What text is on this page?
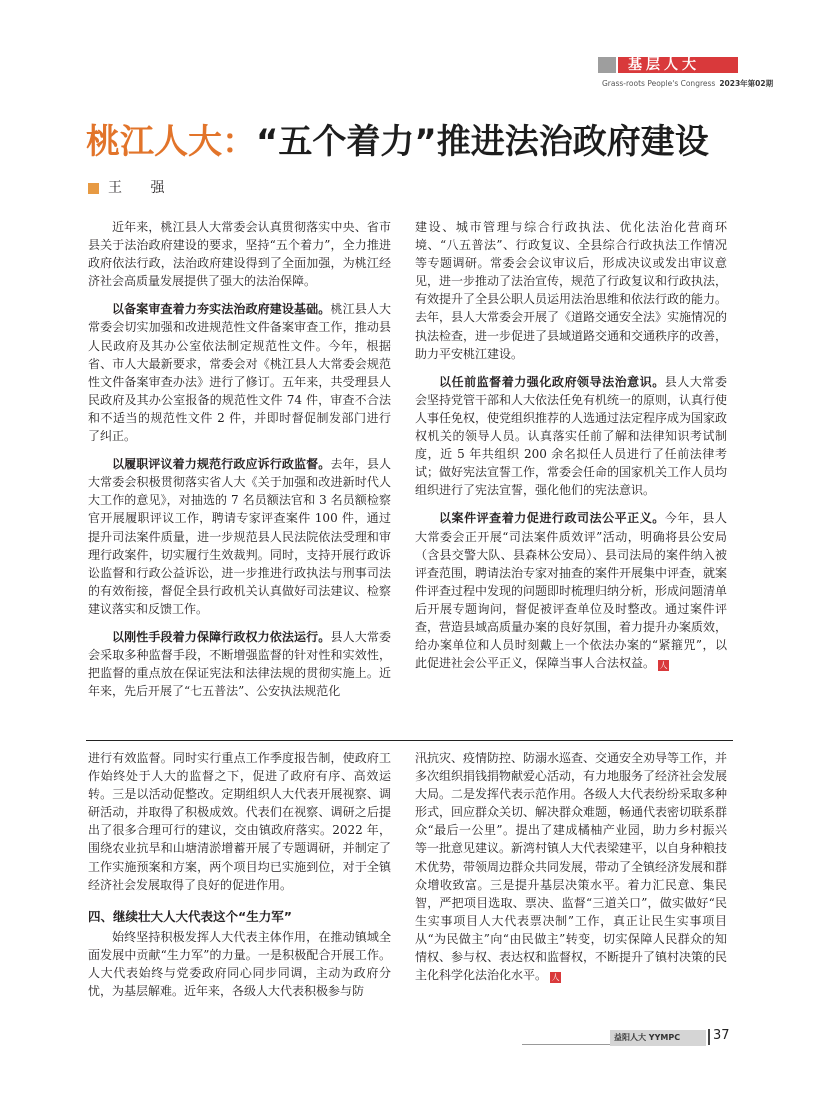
基层人大
Grass-roots People's Congress 2023年第02期
桃江人大：“五个着力”推进法治政府建设
王 强

近年来，桃江县人大常委会认真贯彻落实中央、省市县关于法治政府建设的要求，坚持“五个着力”，全力推进政府依法行政，法治政府建设得到了全面加强，为桃江经济社会高质量发展提供了强大的法治保障。

以备案审查着力夯实法治政府建设基础。桃江县人大常委会切实加强和改进规范性文件备案审查工作，推动县人民政府及其办公室依法制定规范性文件。今年，根据省、市人大最新要求，常委会对《桃江县人大常委会规范性文件备案审查办法》进行了修订。五年来，共受理县人民政府及其办公室报备的规范性文件 74 件，审查不合法和不适当的规范性文件 2 件，并即时督促制发部门进行了纠正。

以履职评议着力规范行政应诉行政监督。去年，县人大常委会积极贯彻落实省人大《关于加强和改进新时代人大工作的意见》，对抽选的 7 名员额法官和 3 名员额检察官开展履职评议工作，聘请专家评查案件 100 件，通过提升司法案件质量，进一步规范县人民法院依法受理和审理行政案件，切实履行生效裁判。同时，支持开展行政诉讼监督和行政公益诉讼，进一步推进行政执法与刑事司法的有效衔接，督促全县行政机关认真做好司法建议、检察建议落实和反馈工作。

以刚性手段着力保障行政权力依法运行。县人大常委会采取多种监督手段，不断增强监督的针对性和实效性，把监督的重点放在保证宪法和法律法规的贯彻实施上。近年来，先后开展了“七五普法”、公安执法规范化

建设、城市管理与综合行政执法、优化法治化营商环境、“八五普法”、行政复议、全县综合行政执法工作情况等专题调研。常委会会议审议后，形成决议或发出审议意见，进一步推动了法治宣传，规范了行政复议和行政执法，有效提升了全县公职人员运用法治思维和依法行政的能力。去年，县人大常委会开展了《道路交通安全法》实施情况的执法检查，进一步促进了县域道路交通和交通秩序的改善，助力平安桃江建设。

以任前监督着力强化政府领导法治意识。县人大常委会坚持党管干部和人大依法任免有机统一的原则，认真行使人事任免权，使党组织推荐的人选通过法定程序成为国家政权机关的领导人员。认真落实任前了解和法律知识考试制度，近 5 年共组织 200 余名拟任人员进行了任前法律考试；做好宪法宣誓工作，常委会任命的国家机关工作人员均组织进行了宪法宣誓，强化他们的宪法意识。

以案件评查着力促进行政司法公平正义。今年，县人大常委会正开展“司法案件质效评”活动，明确将县公安局（含县交警大队、县森林公安局）、县司法局的案件纳入被评查范围，聘请法治专家对抽查的案件开展集中评查，就案件评查过程中发现的问题即时梳理归纳分析，形成问题清单后开展专题询问，督促被评查单位及时整改。通过案件评查，营造县域高质量办案的良好氛围，着力提升办案质效，给办案单位和人员时刻戴上一个依法办案的“紧箍咒”，以此促进社会公平正义，保障当事人合法权益。 人

进行有效监督。同时实行重点工作季度报告制，使政府工作始终处于人大的监督之下，促进了政府有序、高效运转。三是以活动促整改。定期组织人大代表开展视察、调研活动，并取得了积极成效。代表们在视察、调研之后提出了很多合理可行的建议，交由镇政府落实。2022 年，围绕农业抗旱和山塘清淤增蓄开展了专题调研，并制定了工作实施预案和方案，两个项目均已实施到位，对于全镇经济社会发展取得了良好的促进作用。

四、继续壮大人大代表这个“生力军”

始终坚持积极发挥人大代表主体作用，在推动镇域全面发展中贡献“生力军”的力量。一是积极配合开展工作。人大代表始终与党委政府同心同步同调，主动为政府分忧，为基层解难。近年来，各级人大代表积极参与防

汛抗灾、疫情防控、防溺水巡查、交通安全劝导等工作，并多次组织捐钱捐物献爱心活动，有力地服务了经济社会发展大局。二是发挥代表示范作用。各级人大代表纷纷采取多种形式，回应群众关切、解决群众难题，畅通代表密切联系群众“最后一公里”。提出了建成橘柚产业园，助力乡村振兴等一批意见建议。新湾村镇人大代表梁建平，以自身种粮技术优势，带领周边群众共同发展，带动了全镇经济发展和群众增收致富。三是提升基层决策水平。着力汇民意、集民智，严把项目选取、票决、监督“三道关口”，做实做好“民生实事项目人大代表票决制”工作，真正让民生实事项目从“为民做主”向“由民做主”转变，切实保障人民群众的知情权、参与权、表达权和监督权，不断提升了镇村决策的民主化科学化法治化水平。 人

益阳人大 YYMPC	37
